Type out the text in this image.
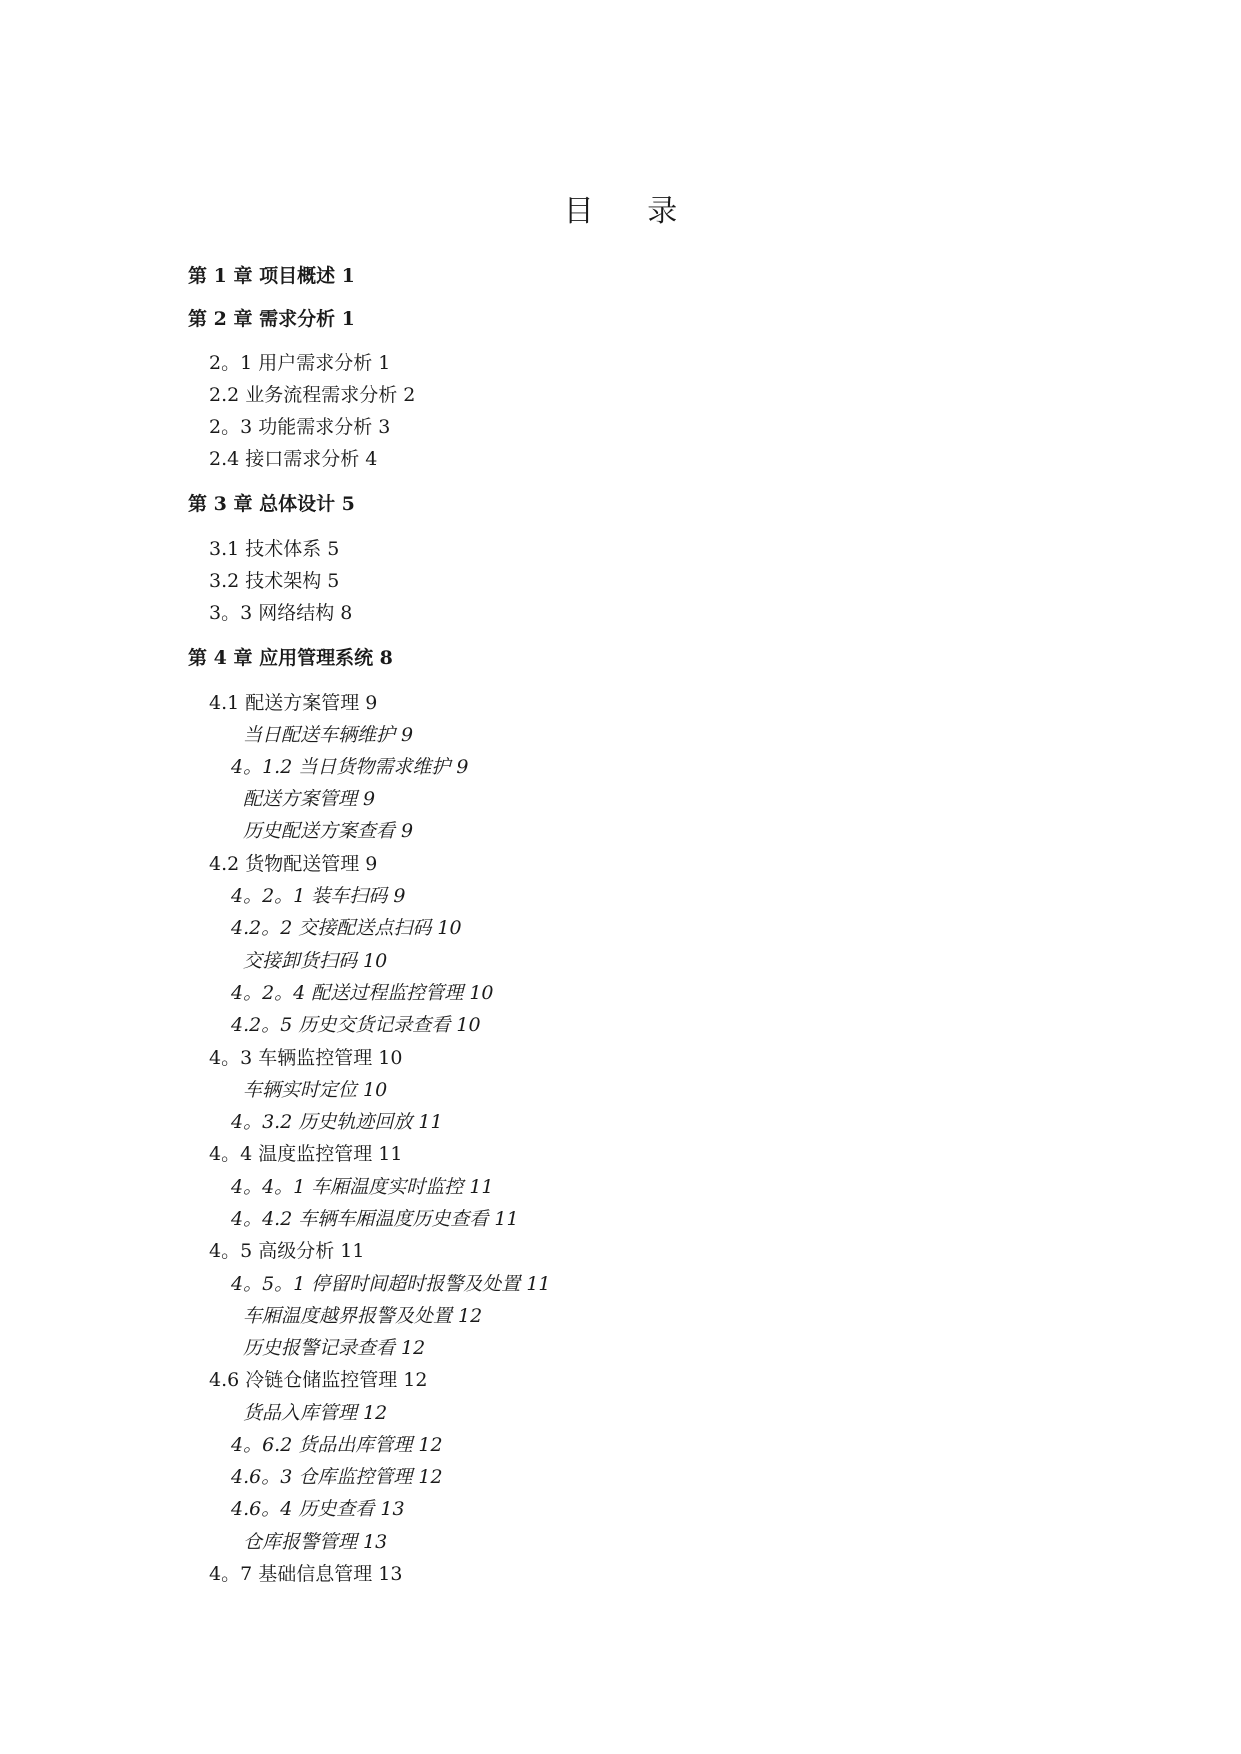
目 录
第 1 章 项目概述 1
第 2 章 需求分析 1
2。1 用户需求分析 1
2.2 业务流程需求分析 2
2。3 功能需求分析 3
2.4 接口需求分析 4
第 3 章 总体设计 5
3.1 技术体系 5
3.2 技术架构 5
3。3 网络结构 8
第 4 章 应用管理系统 8
4.1 配送方案管理 9
当日配送车辆维护 9
4。1.2 当日货物需求维护 9
配送方案管理 9
历史配送方案查看 9
4.2 货物配送管理 9
4。2。1 装车扫码 9
4.2。2 交接配送点扫码 10
交接卸货扫码 10
4。2。4 配送过程监控管理 10
4.2。5 历史交货记录查看 10
4。3 车辆监控管理 10
车辆实时定位 10
4。3.2 历史轨迹回放 11
4。4 温度监控管理 11
4。4。1 车厢温度实时监控 11
4。4.2 车辆车厢温度历史查看 11
4。5 高级分析 11
4。5。1 停留时间超时报警及处置 11
车厢温度越界报警及处置 12
历史报警记录查看 12
4.6 冷链仓储监控管理 12
货品入库管理 12
4。6.2 货品出库管理 12
4.6。3 仓库监控管理 12
4.6。4 历史查看 13
仓库报警管理 13
4。7 基础信息管理 13
